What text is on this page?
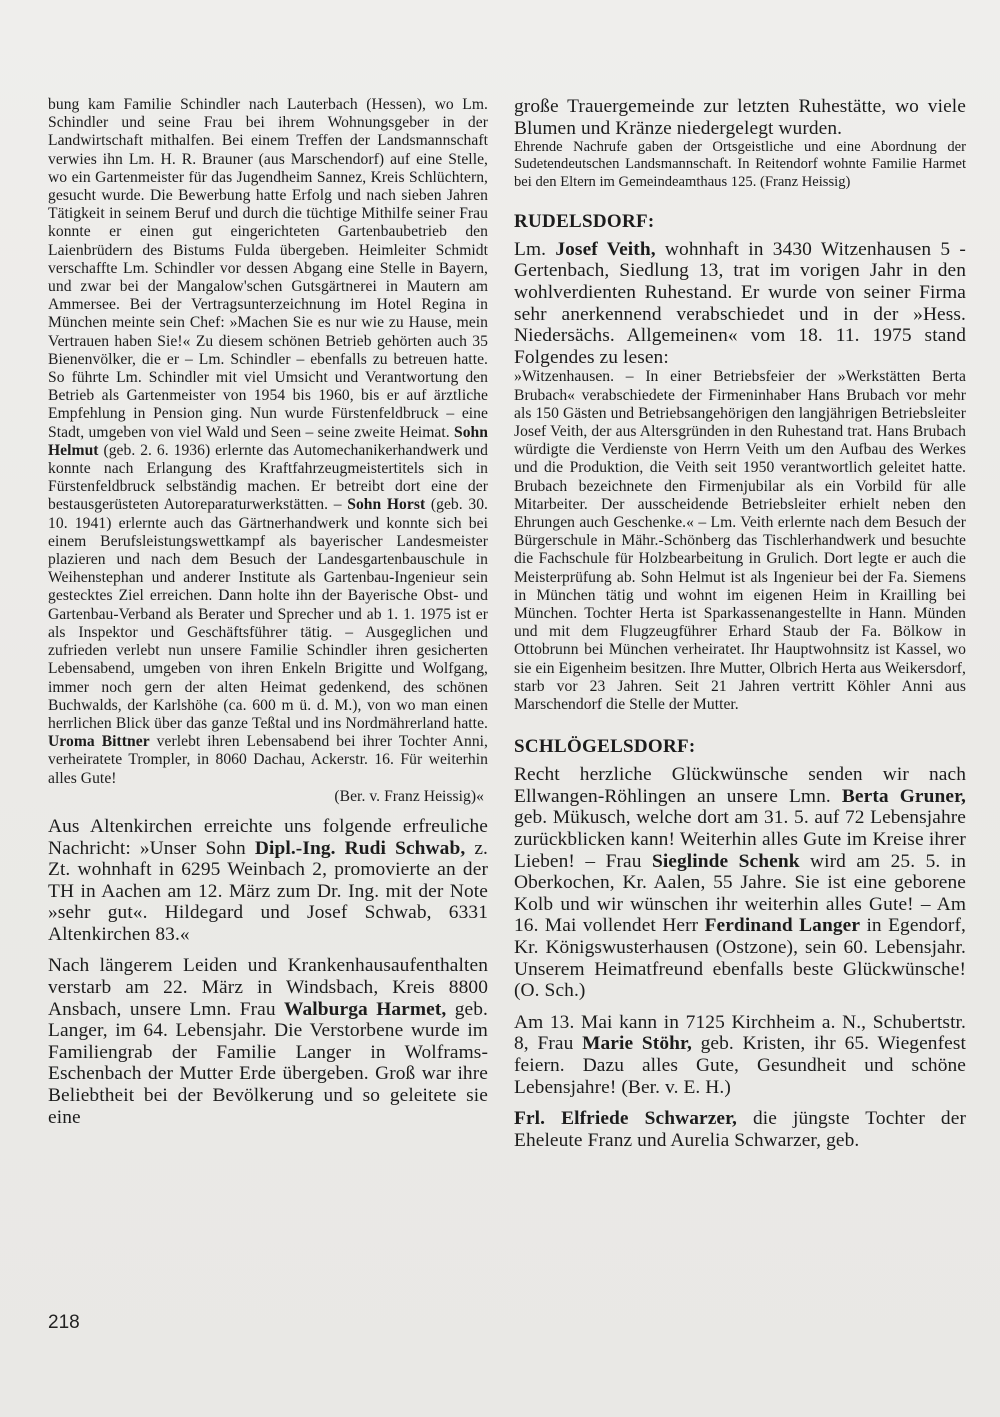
bung kam Familie Schindler nach Lauterbach (Hessen), wo Lm. Schindler und seine Frau bei ihrem Wohnungsgeber in der Landwirtschaft mithalfen. Bei einem Treffen der Landsmannschaft verwies ihn Lm. H. R. Brauner (aus Marschendorf) auf eine Stelle, wo ein Gartenmeister für das Jugendheim Sannez, Kreis Schlüchtern, gesucht wurde. Die Bewerbung hatte Erfolg und nach sieben Jahren Tätigkeit in seinem Beruf und durch die tüchtige Mithilfe seiner Frau konnte er einen gut eingerichteten Gartenbaubetrieb den Laienbrüdern des Bistums Fulda übergeben. Heimleiter Schmidt verschaffte Lm. Schindler vor dessen Abgang eine Stelle in Bayern, und zwar bei der Mangalow'schen Gutsgärtnerei in Mautern am Ammersee. Bei der Vertragsunterzeichnung im Hotel Regina in München meinte sein Chef: »Machen Sie es nur wie zu Hause, mein Vertrauen haben Sie!« Zu diesem schönen Betrieb gehörten auch 35 Bienenvölker, die er – Lm. Schindler – ebenfalls zu betreuen hatte. So führte Lm. Schindler mit viel Umsicht und Verantwortung den Betrieb als Gartenmeister von 1954 bis 1960, bis er auf ärztliche Empfehlung in Pension ging. Nun wurde Fürstenfeldbruck – eine Stadt, umgeben von viel Wald und Seen – seine zweite Heimat. Sohn Helmut (geb. 2. 6. 1936) erlernte das Automechanikerhandwerk und konnte nach Erlangung des Kraftfahrzeugmeistertitels sich in Fürstenfeldbruck selbständig machen. Er betreibt dort eine der bestausgerüsteten Autoreparaturwerkstätten. – Sohn Horst (geb. 30. 10. 1941) erlernte auch das Gärtnerhandwerk und konnte sich bei einem Berufsleistungswettkampf als bayerischer Landesmeister plazieren und nach dem Besuch der Landesgartenbauschule in Weihenstephan und anderer Institute als Gartenbau-Ingenieur sein gestecktes Ziel erreichen. Dann holte ihn der Bayerische Obst- und Gartenbau-Verband als Berater und Sprecher und ab 1. 1. 1975 ist er als Inspektor und Geschäftsführer tätig. – Ausgeglichen und zufrieden verlebt nun unsere Familie Schindler ihren gesicherten Lebensabend, umgeben von ihren Enkeln Brigitte und Wolfgang, immer noch gern der alten Heimat gedenkend, des schönen Buchwalds, der Karlshöhe (ca. 600 m ü. d. M.), von wo man einen herrlichen Blick über das ganze Teßtal und ins Nordmährerland hatte. Uroma Bittner verlebt ihren Lebensabend bei ihrer Tochter Anni, verheiratete Trompler, in 8060 Dachau, Ackerstr. 16. Für weiterhin alles Gute!

(Ber. v. Franz Heissig)«

Aus Altenkirchen erreichte uns folgende erfreuliche Nachricht: »Unser Sohn Dipl.-Ing. Rudi Schwab, z. Zt. wohnhaft in 6295 Weinbach 2, promovierte an der TH in Aachen am 12. März zum Dr. Ing. mit der Note »sehr gut«. Hildegard und Josef Schwab, 6331 Altenkirchen 83.«

Nach längerem Leiden und Krankenhausaufenthalten verstarb am 22. März in Windsbach, Kreis 8800 Ansbach, unsere Lmn. Frau Walburga Harmet, geb. Langer, im 64. Lebensjahr. Die Verstorbene wurde im Familiengrab der Familie Langer in Wolframs-Eschenbach der Mutter Erde übergeben. Groß war ihre Beliebtheit bei der Bevölkerung und so geleitete sie eine

große Trauergemeinde zur letzten Ruhestätte, wo viele Blumen und Kränze niedergelegt wurden.

Ehrende Nachrufe gaben der Ortsgeistliche und eine Abordnung der Sudetendeutschen Landsmannschaft. In Reitendorf wohnte Familie Harmet bei den Eltern im Gemeindeamthaus 125. (Franz Heissig)

RUDELSDORF:

Lm. Josef Veith, wohnhaft in 3430 Witzenhausen 5 - Gertenbach, Siedlung 13, trat im vorigen Jahr in den wohlverdienten Ruhestand. Er wurde von seiner Firma sehr anerkennend verabschiedet und in der »Hess. Niedersächs. Allgemeinen« vom 18. 11. 1975 stand Folgendes zu lesen:

»Witzenhausen. – In einer Betriebsfeier der »Werkstätten Berta Brubach« verabschiedete der Firmeninhaber Hans Brubach vor mehr als 150 Gästen und Betriebsangehörigen den langjährigen Betriebsleiter Josef Veith, der aus Altersgründen in den Ruhestand trat. Hans Brubach würdigte die Verdienste von Herrn Veith um den Aufbau des Werkes und die Produktion, die Veith seit 1950 verantwortlich geleitet hatte. Brubach bezeichnete den Firmenjubilar als ein Vorbild für alle Mitarbeiter. Der ausscheidende Betriebsleiter erhielt neben den Ehrungen auch Geschenke.« – Lm. Veith erlernte nach dem Besuch der Bürgerschule in Mähr.-Schönberg das Tischlerhandwerk und besuchte die Fachschule für Holzbearbeitung in Grulich. Dort legte er auch die Meisterprüfung ab. Sohn Helmut ist als Ingenieur bei der Fa. Siemens in München tätig und wohnt im eigenen Heim in Krailling bei München. Tochter Herta ist Sparkassenangestellte in Hann. Münden und mit dem Flugzeugführer Erhard Staub der Fa. Bölkow in Ottobrunn bei München verheiratet. Ihr Hauptwohnsitz ist Kassel, wo sie ein Eigenheim besitzen. Ihre Mutter, Olbrich Herta aus Weikersdorf, starb vor 23 Jahren. Seit 21 Jahren vertritt Köhler Anni aus Marschendorf die Stelle der Mutter.

SCHLÖGELSDORF:

Recht herzliche Glückwünsche senden wir nach Ellwangen-Röhlingen an unsere Lmn. Berta Gruner, geb. Mükusch, welche dort am 31. 5. auf 72 Lebensjahre zurückblicken kann! Weiterhin alles Gute im Kreise ihrer Lieben! – Frau Sieglinde Schenk wird am 25. 5. in Oberkochen, Kr. Aalen, 55 Jahre. Sie ist eine geborene Kolb und wir wünschen ihr weiterhin alles Gute! – Am 16. Mai vollendet Herr Ferdinand Langer in Egendorf, Kr. Königswusterhausen (Ostzone), sein 60. Lebensjahr. Unserem Heimatfreund ebenfalls beste Glückwünsche! (O. Sch.)

Am 13. Mai kann in 7125 Kirchheim a. N., Schubertstr. 8, Frau Marie Stöhr, geb. Kristen, ihr 65. Wiegenfest feiern. Dazu alles Gute, Gesundheit und schöne Lebensjahre! (Ber. v. E. H.)

Frl. Elfriede Schwarzer, die jüngste Tochter der Eheleute Franz und Aurelia Schwarzer, geb.

218
